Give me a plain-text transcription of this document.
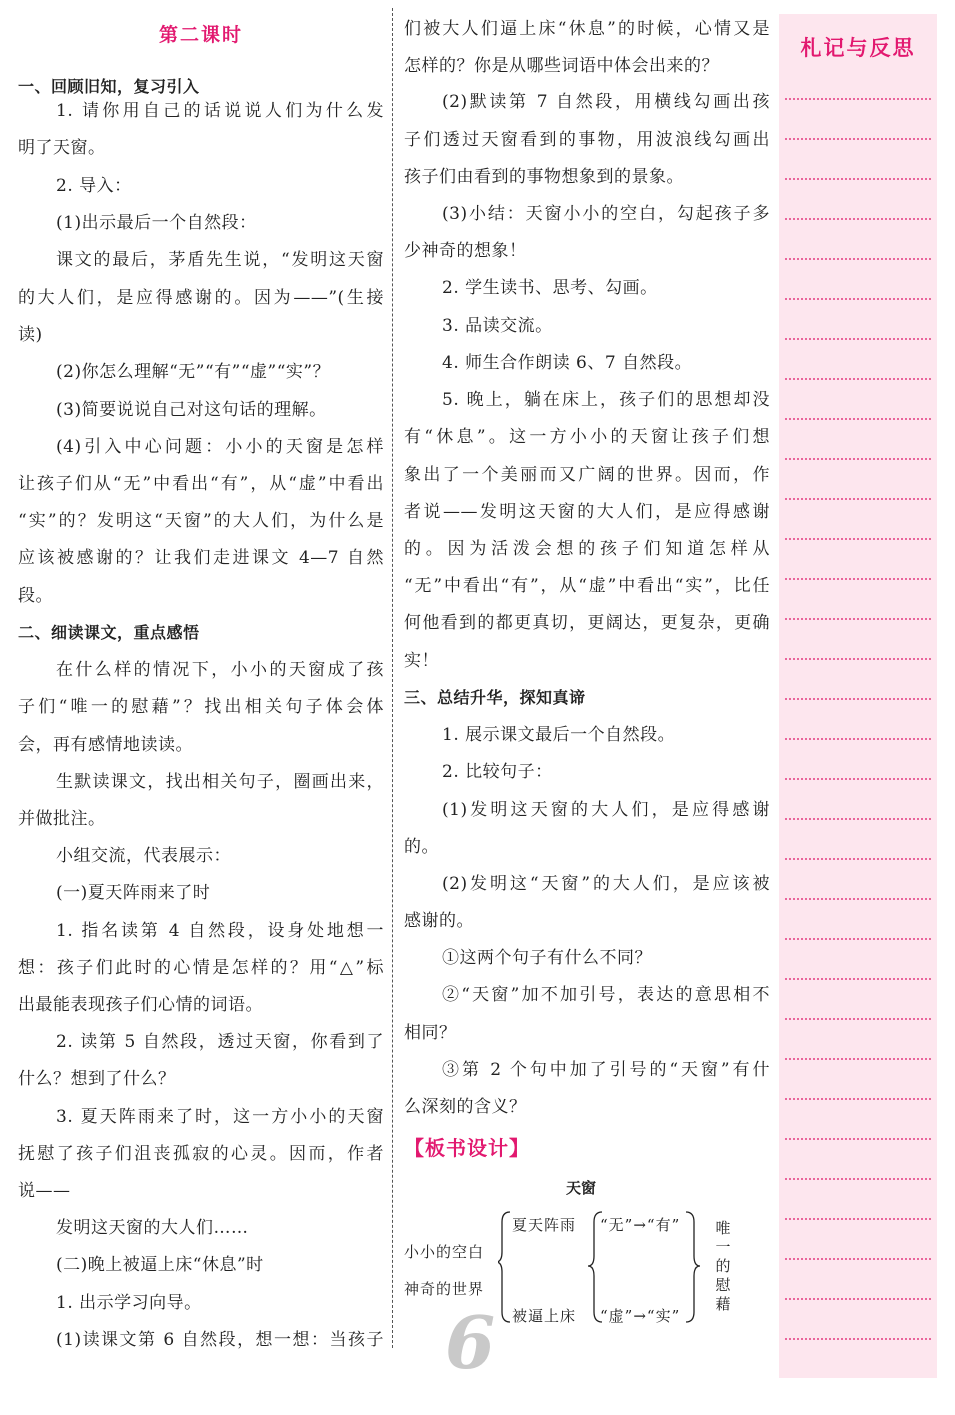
第二课时
一、回顾旧知，复习引入
1. 请你用自己的话说说人们为什么发
明了天窗。
2. 导入：
(1)出示最后一个自然段：
课文的最后，茅盾先生说，“发明这天窗
的大人们，是应得感谢的。因为——”(生接
读)
(2)你怎么理解“无”“有”“虚”“实”？
(3)简要说说自己对这句话的理解。
(4)引入中心问题：小小的天窗是怎样
让孩子们从“无”中看出“有”，从“虚”中看出
“实”的？发明这“天窗”的大人们，为什么是
应该被感谢的？让我们走进课文 4—7 自然
段。
二、细读课文，重点感悟
在什么样的情况下，小小的天窗成了孩
子们“唯一的慰藉”？找出相关句子体会体
会，再有感情地读读。
生默读课文，找出相关句子，圈画出来，
并做批注。
小组交流，代表展示：
(一)夏天阵雨来了时
1. 指名读第 4 自然段，设身处地想一
想：孩子们此时的心情是怎样的？用“△”标
出最能表现孩子们心情的词语。
2. 读第 5 自然段，透过天窗，你看到了
什么？想到了什么？
3. 夏天阵雨来了时，这一方小小的天窗
抚慰了孩子们沮丧孤寂的心灵。因而，作者
说——
发明这天窗的大人们……
(二)晚上被逼上床“休息”时
1. 出示学习向导。
(1)读课文第 6 自然段，想一想：当孩子
们被大人们逼上床“休息”的时候，心情又是
怎样的？你是从哪些词语中体会出来的？
(2)默读第 7 自然段，用横线勾画出孩
子们透过天窗看到的事物，用波浪线勾画出
孩子们由看到的事物想象到的景象。
(3)小结：天窗小小的空白，勾起孩子多
少神奇的想象！
2. 学生读书、思考、勾画。
3. 品读交流。
4. 师生合作朗读 6、7 自然段。
5. 晚上，躺在床上，孩子们的思想却没
有“休息”。这一方小小的天窗让孩子们想
象出了一个美丽而又广阔的世界。因而，作
者说——发明这天窗的大人们，是应得感谢
的。因为活泼会想的孩子们知道怎样从
“无”中看出“有”，从“虚”中看出“实”，比任
何他看到的都更真切，更阔达，更复杂，更确
实！
三、总结升华，探知真谛
1. 展示课文最后一个自然段。
2. 比较句子：
(1)发明这天窗的大人们，是应得感谢
的。
(2)发明这“天窗”的大人们，是应该被
感谢的。
①这两个句子有什么不同？
②“天窗”加不加引号，表达的意思相不
相同？
③第 2 个句中加了引号的“天窗”有什
么深刻的含义？
札记与反思
【板书设计】
天窗
小小的空白
神奇的世界
夏天阵雨
被逼上床
“无”→“有”
“虚”→“实”
唯
一
的
慰
藉
6
